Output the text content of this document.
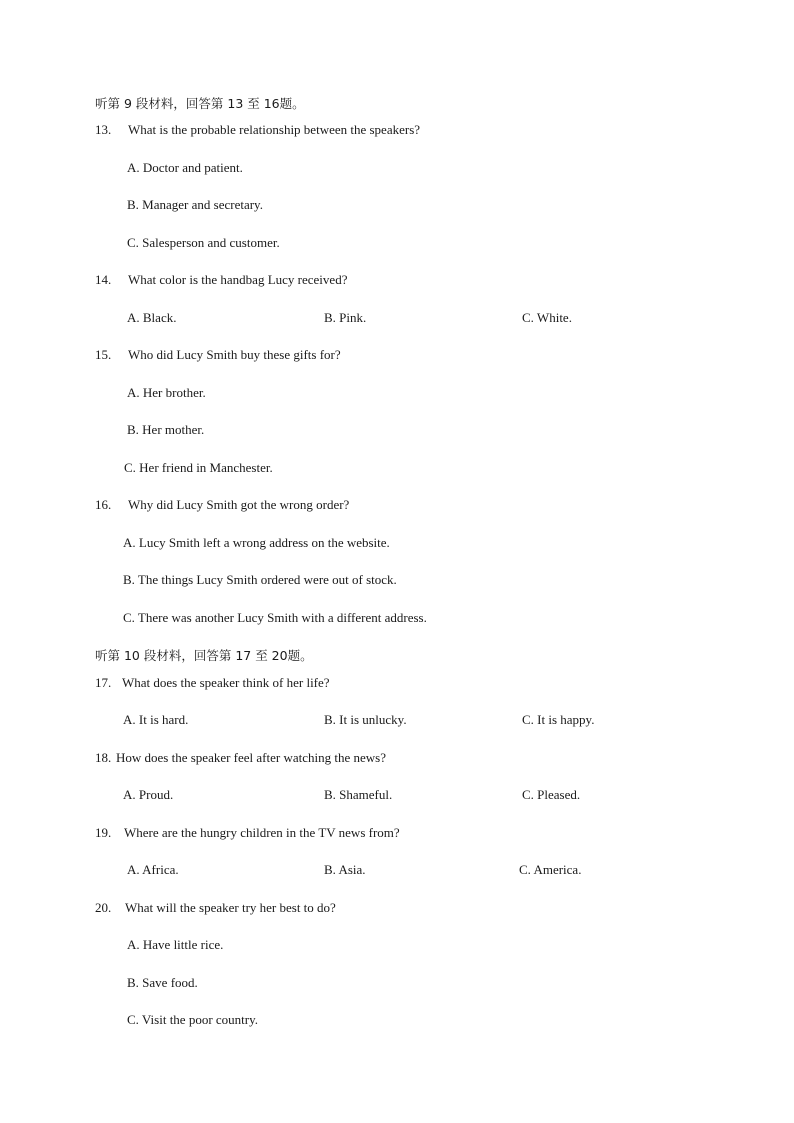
听第 9 段材料，回答第 13 至 16题。
13. What is the probable relationship between the speakers?
A. Doctor and patient.
B. Manager and secretary.
C. Salesperson and customer.
14. What color is the handbag Lucy received?
A. Black.	B. Pink.	C. White.
15. Who did Lucy Smith buy these gifts for?
A. Her brother.
B. Her mother.
C. Her friend in Manchester.
16. Why did Lucy Smith got the wrong order?
A. Lucy Smith left a wrong address on the website.
B. The things Lucy Smith ordered were out of stock.
C. There was another Lucy Smith with a different address.
听第 10 段材料，回答第 17 至 20题。
17. What does the speaker think of her life?
A. It is hard.	B. It is unlucky.	C. It is happy.
18. How does the speaker feel after watching the news?
A. Proud.	B. Shameful.	C. Pleased.
19. Where are the hungry children in the TV news from?
A. Africa.	B. Asia.	C. America.
20. What will the speaker try her best to do?
A. Have little rice.
B. Save food.
C. Visit the poor country.
